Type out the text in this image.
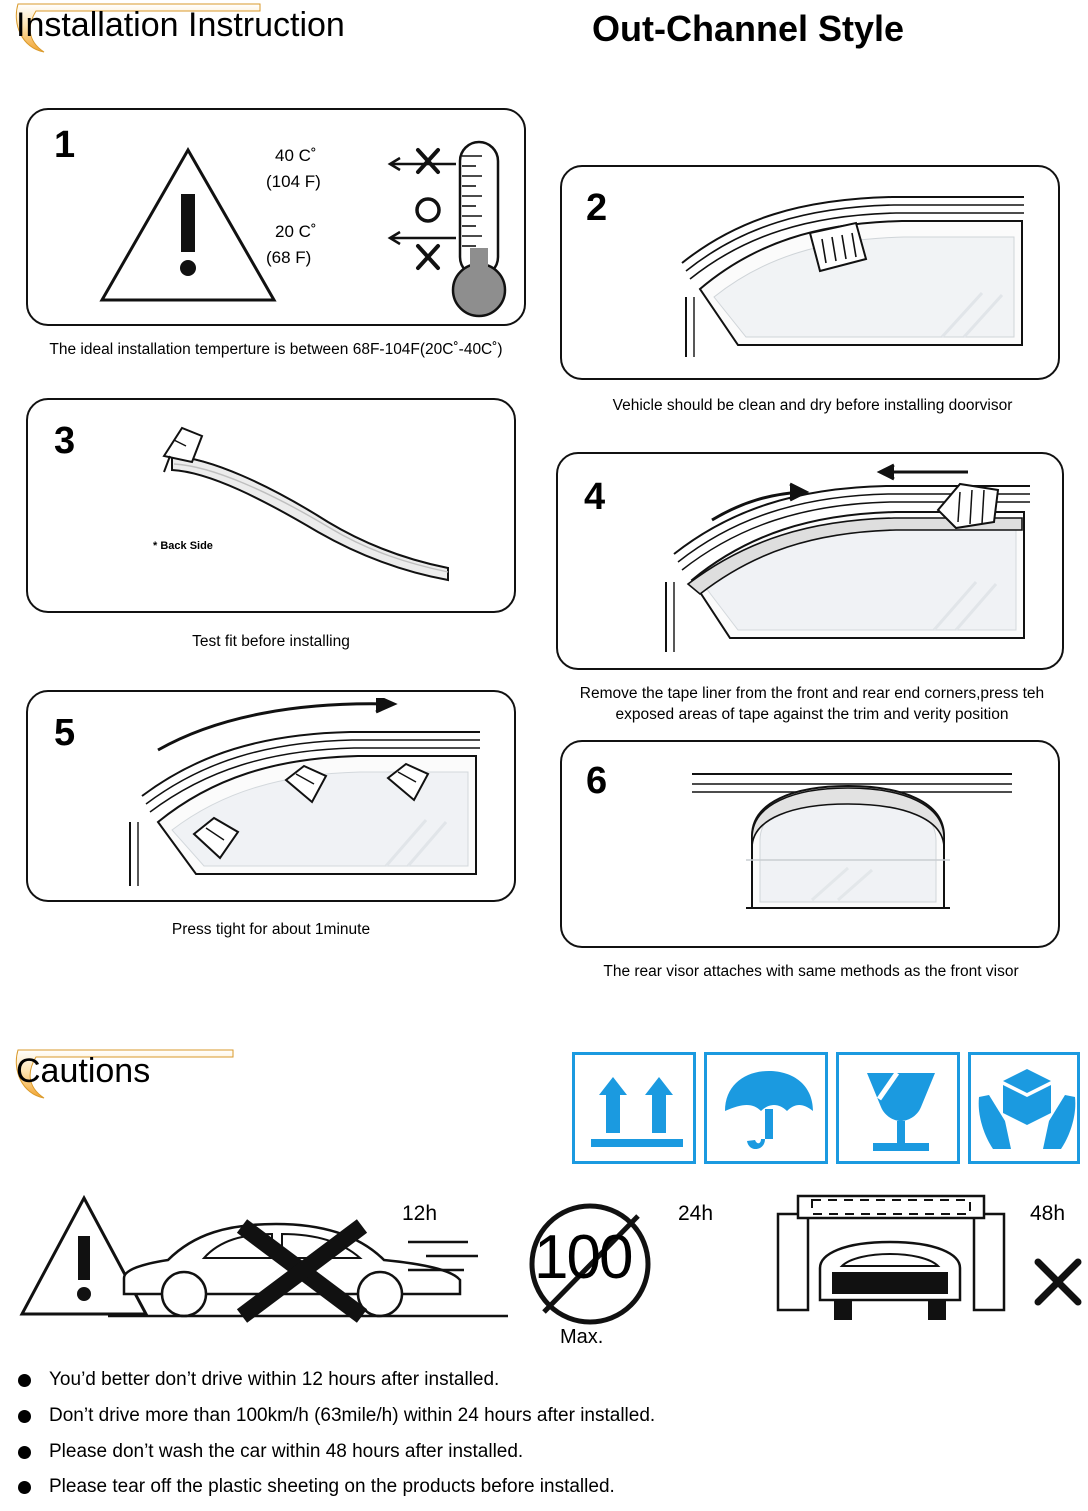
Installation Instruction	Out-Channel Style
1	40 C˚
(104 F)
20 C˚
(68 F)
The ideal installation temperture is between 68F-104F(20C˚-40C˚)
2
Vehicle should be clean and dry before installing doorvisor
3
* Back Side
Test fit before installing
4
Remove the tape liner from the front and rear end corners,press teh exposed areas of tape against the trim and verity position
5
Press tight for about 1minute
6
The rear visor attaches with same methods as the front visor
Cautions
12h
100
Max.
24h	48h
You’d better don’t drive within 12 hours after installed.
Don’t drive more than 100km/h (63mile/h) within 24 hours after installed.
Please don’t wash the car within 48 hours after installed.
Please tear off the plastic sheeting on the products before installed.
